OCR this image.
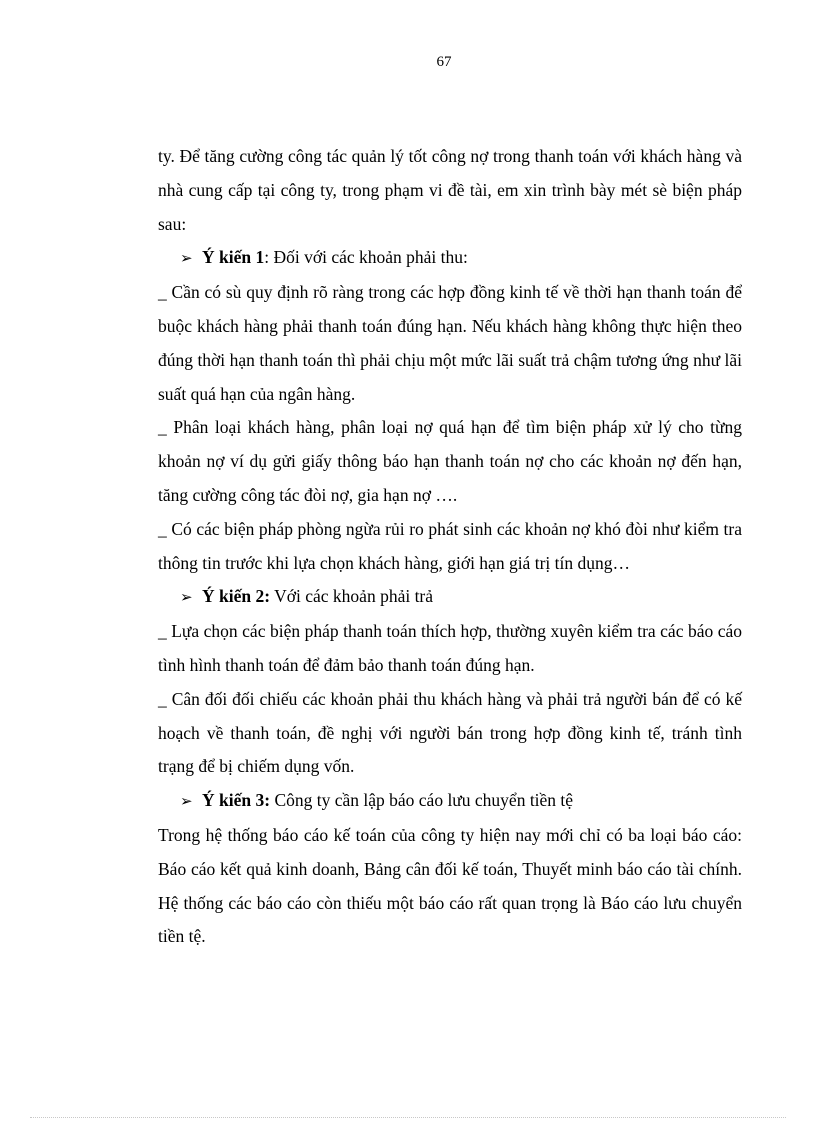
67

ty. Để tăng cường công tác quản lý tốt công nợ trong thanh toán với khách hàng và nhà cung cấp tại công ty, trong phạm vi đề tài, em xin trình bày mét sè biện pháp sau:

➢ Ý kiến 1: Đối với các khoản phải thu:

_ Cần có sù quy định rõ ràng trong các hợp đồng kinh tế về thời hạn thanh toán để buộc khách hàng phải thanh toán đúng hạn. Nếu khách hàng không thực hiện theo đúng thời hạn thanh toán thì phải chịu một mức lãi suất trả chậm tương ứng như lãi suất quá hạn của ngân hàng.

_ Phân loại khách hàng, phân loại nợ quá hạn để tìm biện pháp xử lý cho từng khoản nợ ví dụ gửi giấy thông báo hạn thanh toán nợ cho các khoản nợ đến hạn, tăng cường công tác đòi nợ, gia hạn nợ ….

_ Có các biện pháp phòng ngừa rủi ro phát sinh các khoản nợ khó đòi như kiểm tra thông tin trước khi lựa chọn khách hàng, giới hạn giá trị tín dụng…

➢ Ý kiến 2: Với các khoản phải trả

_ Lựa chọn các biện pháp thanh toán thích hợp, thường xuyên kiểm tra các báo cáo tình hình thanh toán để đảm bảo thanh toán đúng hạn.

_ Cân đối đối chiếu các khoản phải thu khách hàng và phải trả người bán để có kế hoạch về thanh toán, đề nghị với người bán trong hợp đồng kinh tế, tránh tình trạng để bị chiếm dụng vốn.

➢ Ý kiến 3: Công ty cần lập báo cáo lưu chuyển tiền tệ

Trong hệ thống báo cáo kế toán của công ty hiện nay mới chỉ có ba loại báo cáo: Báo cáo kết quả kinh doanh, Bảng cân đối kế toán, Thuyết minh báo cáo tài chính. Hệ thống các báo cáo còn thiếu một báo cáo rất quan trọng là Báo cáo lưu chuyển tiền tệ.
